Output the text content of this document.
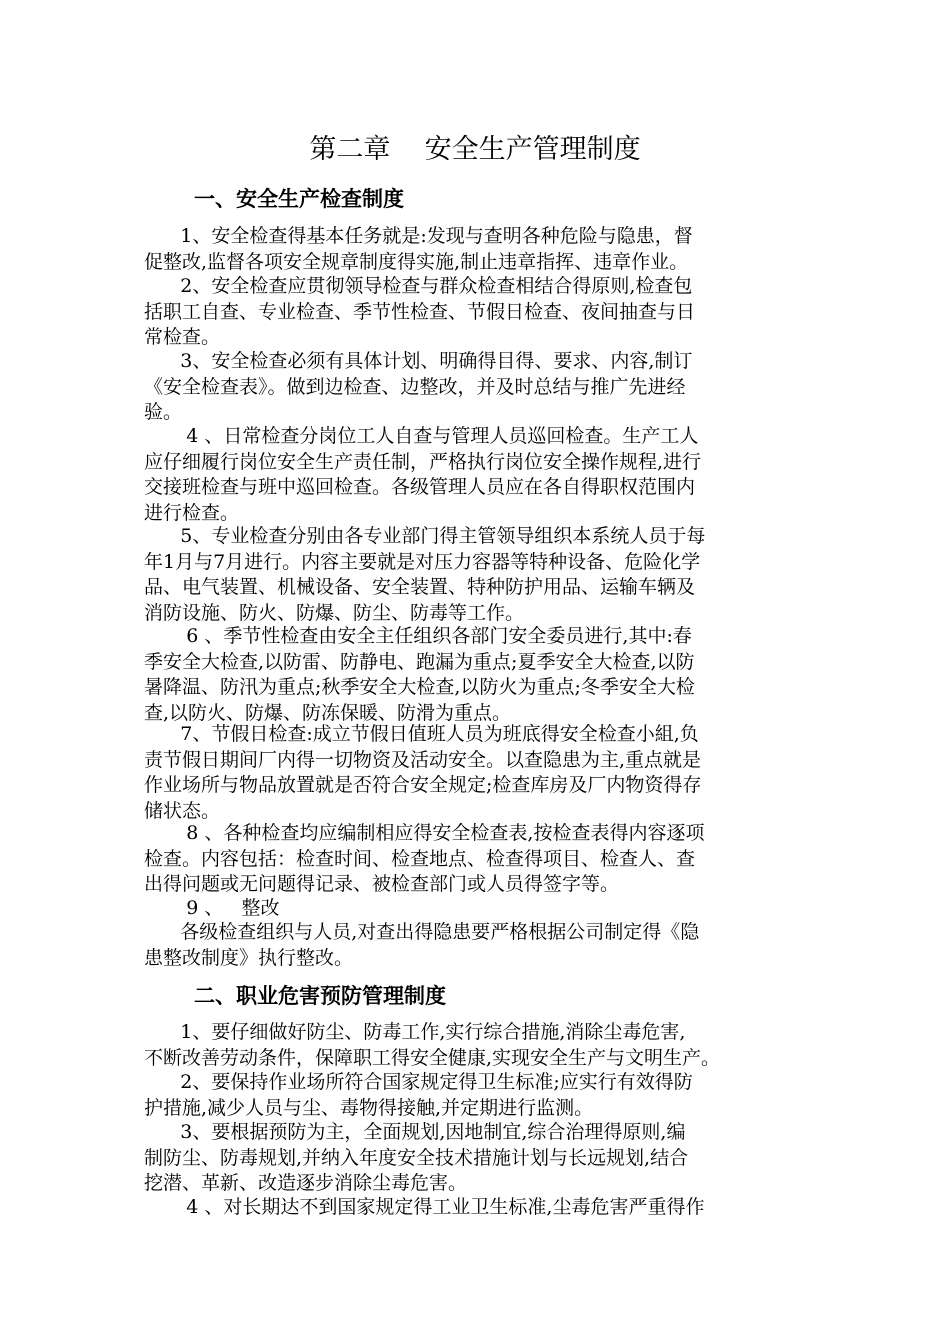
第二章    安全生产管理制度
一、安全生产检查制度

1、安全检查得基本任务就是:发现与查明各种危险与隐患，督
促整改,监督各项安全规章制度得实施,制止违章指挥、违章作业。

2、安全检查应贯彻领导检查与群众检查相结合得原则,检查包
括职工自查、专业检查、季节性检查、节假日检查、夜间抽查与日
常检查。

3、安全检查必须有具体计划、明确得目得、要求、内容,制订
《安全检查表》。做到边检查、边整改，并及时总结与推广先进经
验。

4 、日常检查分岗位工人自查与管理人员巡回检查。生产工人
应仔细履行岗位安全生产责任制，严格执行岗位安全操作规程,进行
交接班检查与班中巡回检查。各级管理人员应在各自得职权范围内
进行检查。

5、专业检查分别由各专业部门得主管领导组织本系统人员于每
年1月与7月进行。内容主要就是对压力容器等特种设备、危险化学
品、电气装置、机械设备、安全装置、特种防护用品、运输车辆及
消防设施、防火、防爆、防尘、防毒等工作。

6 、季节性检查由安全主任组织各部门安全委员进行,其中:春
季安全大检查,以防雷、防静电、跑漏为重点;夏季安全大检查,以防
暑降温、防汛为重点;秋季安全大检查,以防火为重点;冬季安全大检
查,以防火、防爆、防冻保暖、防滑为重点。

7、节假日检查:成立节假日值班人员为班底得安全检查小組,负
责节假日期间厂内得一切物资及活动安全。以查隐患为主,重点就是
作业场所与物品放置就是否符合安全规定;检查库房及厂内物资得存
储状态。

8 、各种检查均应编制相应得安全检查表,按检查表得内容逐项
检查。内容包括：检查时间、检查地点、检查得项目、检查人、查
出得问题或无问题得记录、被检查部门或人员得签字等。

9 、   整改

各级检查组织与人员,对查出得隐患要严格根据公司制定得《隐
患整改制度》执行整改。

二、职业危害预防管理制度

1、要仔细做好防尘、防毒工作,实行综合措施,消除尘毒危害,
不断改善劳动条件，保障职工得安全健康,实现安全生产与文明生产。

2、要保持作业场所符合国家规定得卫生标准;应实行有效得防
护措施,减少人员与尘、毒物得接触,并定期进行监测。

3、要根据预防为主，全面规划,因地制宜,综合治理得原则,编
制防尘、防毒规划,并纳入年度安全技术措施计划与长远规划,结合
挖潜、革新、改造逐步消除尘毒危害。

4 、对长期达不到国家规定得工业卫生标准,尘毒危害严重得作
